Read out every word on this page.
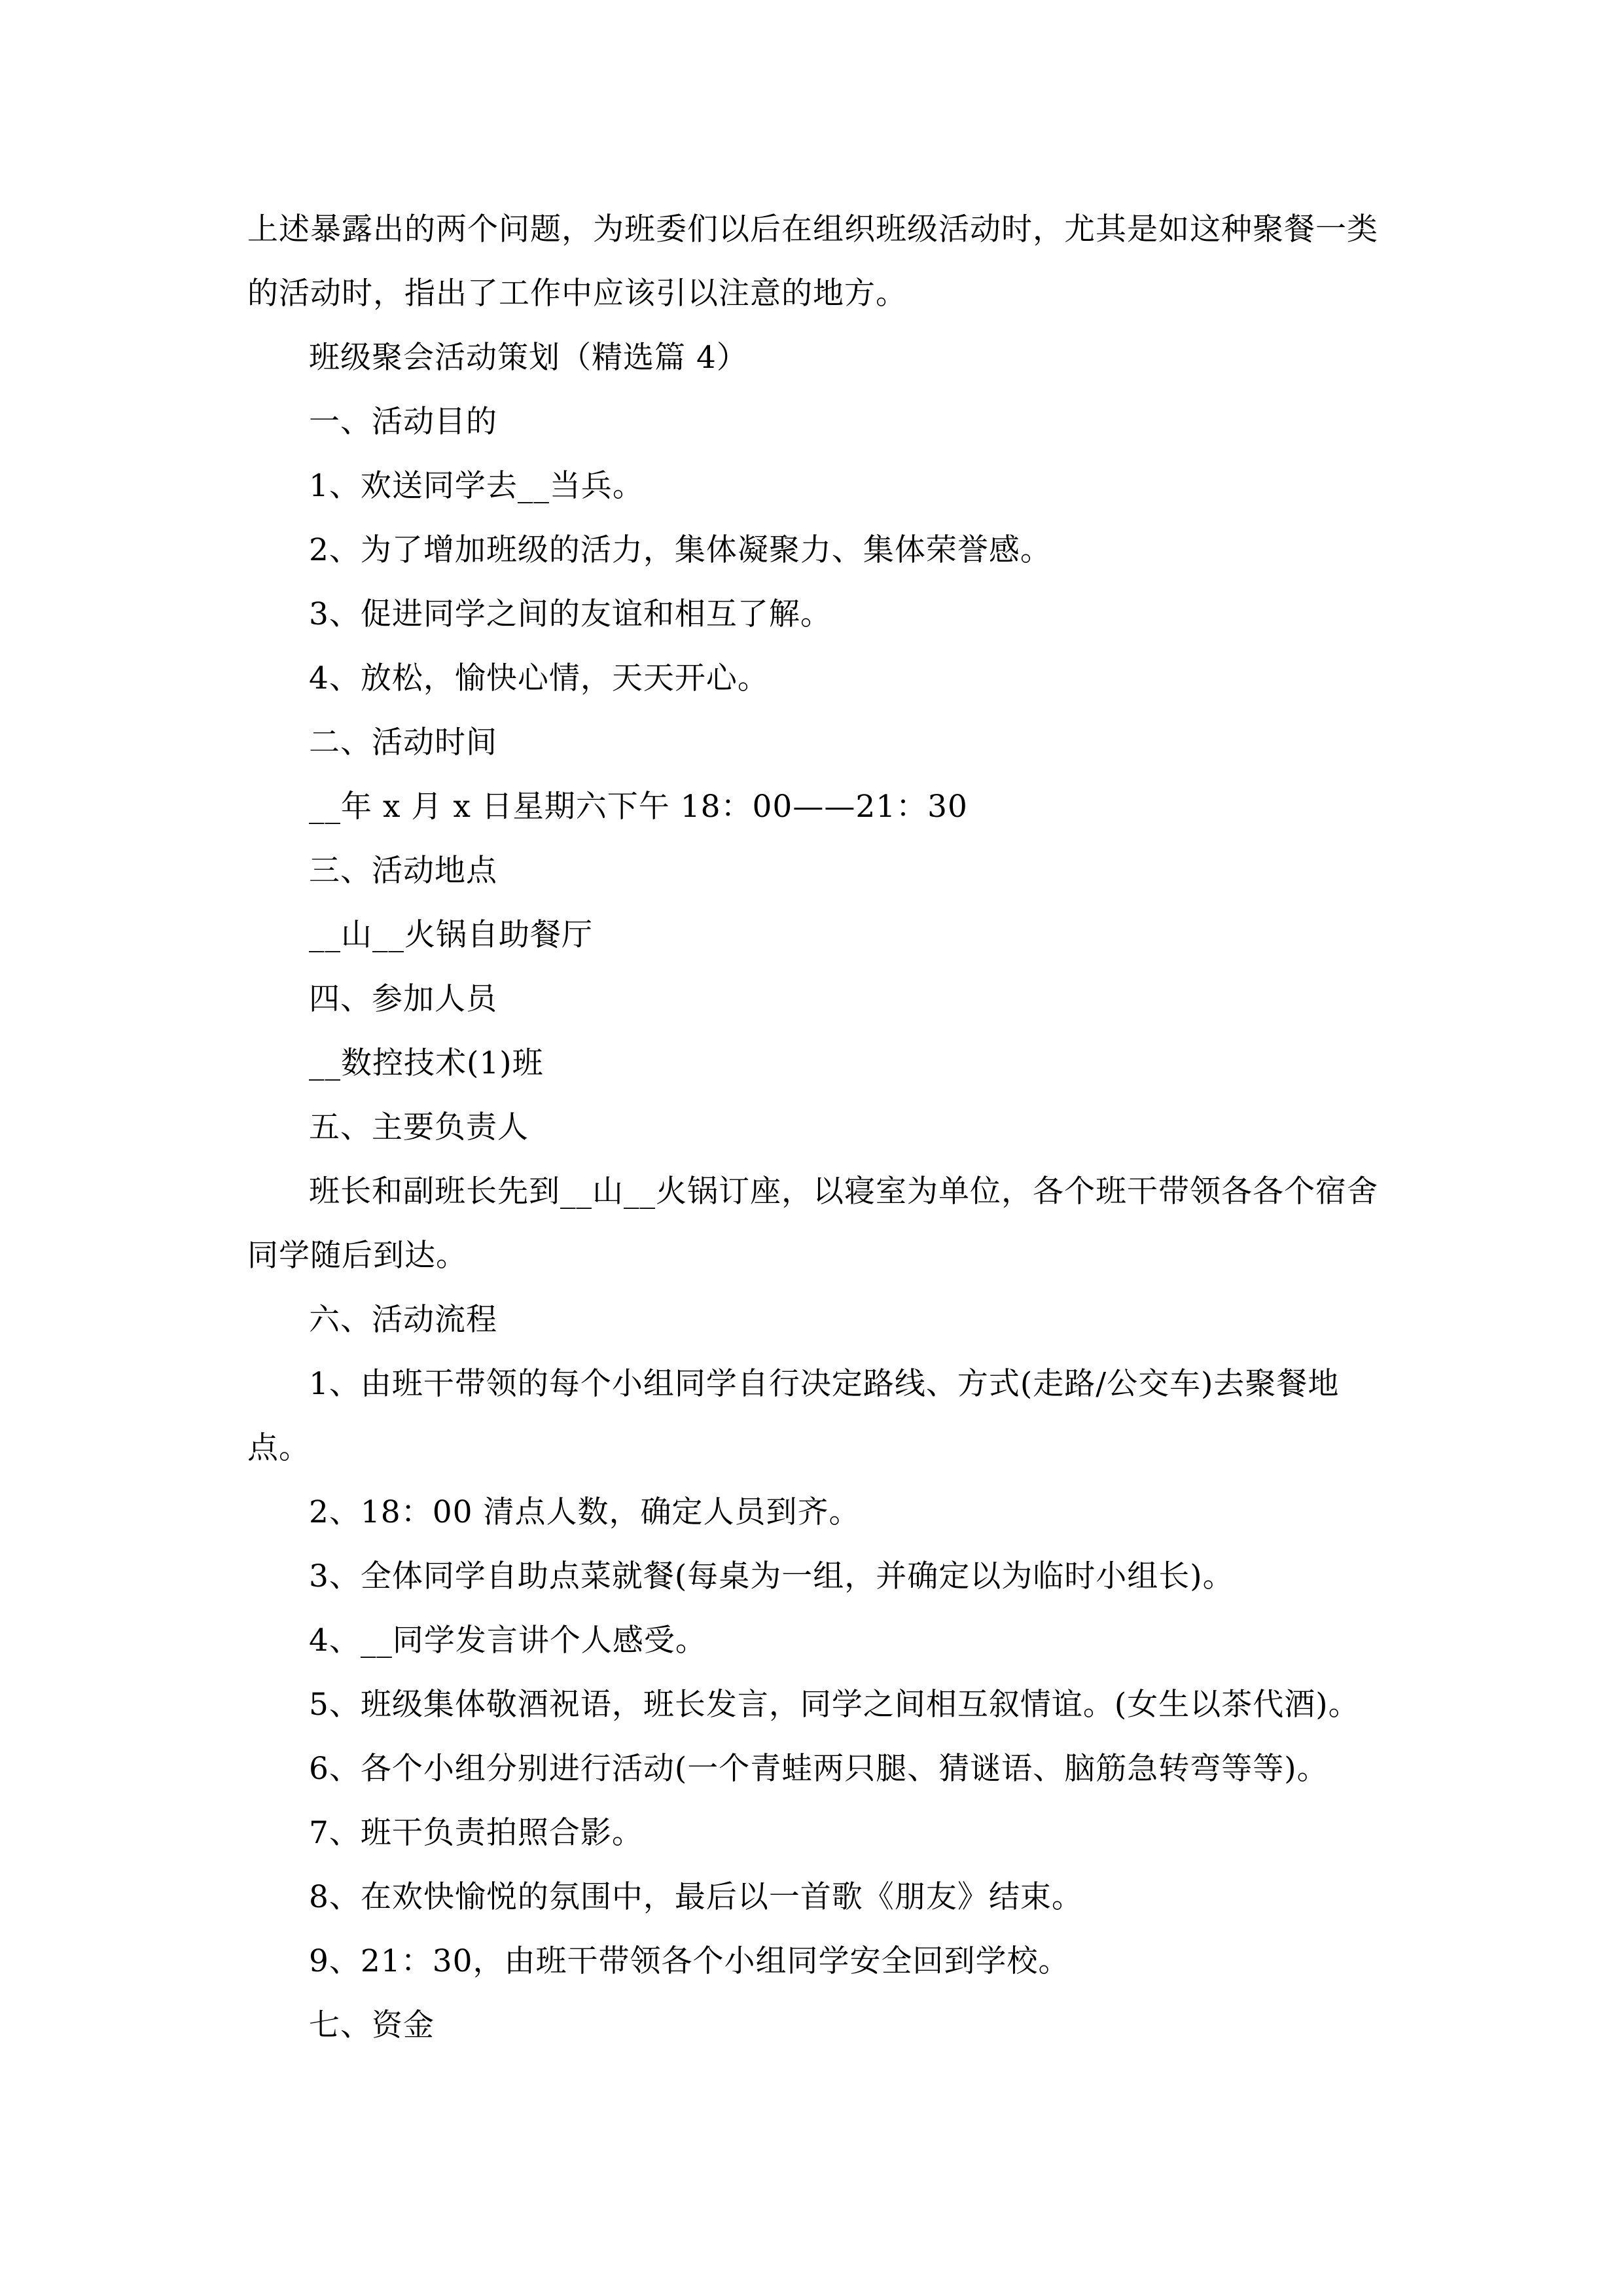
上述暴露出的两个问题，为班委们以后在组织班级活动时，尤其是如这种聚餐一类的活动时，指出了工作中应该引以注意的地方。

班级聚会活动策划（精选篇 4）

一、活动目的

1、欢送同学去__当兵。

2、为了增加班级的活力，集体凝聚力、集体荣誉感。

3、促进同学之间的友谊和相互了解。

4、放松，愉快心情，天天开心。

二、活动时间

__年 x 月 x 日星期六下午 18：00——21：30

三、活动地点

__山__火锅自助餐厅

四、参加人员

__数控技术(1)班

五、主要负责人

班长和副班长先到__山__火锅订座，以寝室为单位，各个班干带领各各个宿舍同学随后到达。

六、活动流程

1、由班干带领的每个小组同学自行决定路线、方式(走路/公交车)去聚餐地点。

2、18：00 清点人数，确定人员到齐。

3、全体同学自助点菜就餐(每桌为一组，并确定以为临时小组长)。

4、__同学发言讲个人感受。

5、班级集体敬酒祝语，班长发言，同学之间相互叙情谊。(女生以茶代酒)。

6、各个小组分别进行活动(一个青蛙两只腿、猜谜语、脑筋急转弯等等)。

7、班干负责拍照合影。

8、在欢快愉悦的氛围中，最后以一首歌《朋友》结束。

9、21：30，由班干带领各个小组同学安全回到学校。

七、资金
